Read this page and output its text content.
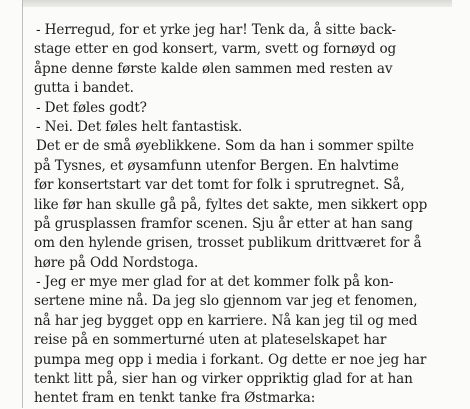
- Herregud, for et yrke jeg har! Tenk da, å sitte back-
stage etter en god konsert, varm, svett og fornøyd og
åpne denne første kalde ølen sammen med resten av
gutta i bandet.
- Det føles godt?
- Nei. Det føles helt fantastisk.
Det er de små øyeblikkene. Som da han i sommer spilte
på Tysnes, et øysamfunn utenfor Bergen. En halvtime
før konsertstart var det tomt for folk i sprutregnet. Så,
like før han skulle gå på, fyltes det sakte, men sikkert opp
på grusplassen framfor scenen. Sju år etter at han sang
om den hylende grisen, trosset publikum drittværet for å
høre på Odd Nordstoga.
- Jeg er mye mer glad for at det kommer folk på kon-
sertene mine nå. Da jeg slo gjennom var jeg et fenomen,
nå har jeg bygget opp en karriere. Nå kan jeg til og med
reise på en sommerturné uten at plateselskapet har
pumpa meg opp i media i forkant. Og dette er noe jeg har
tenkt litt på, sier han og virker oppriktig glad for at han
hentet fram en tenkt tanke fra Østmarka:
